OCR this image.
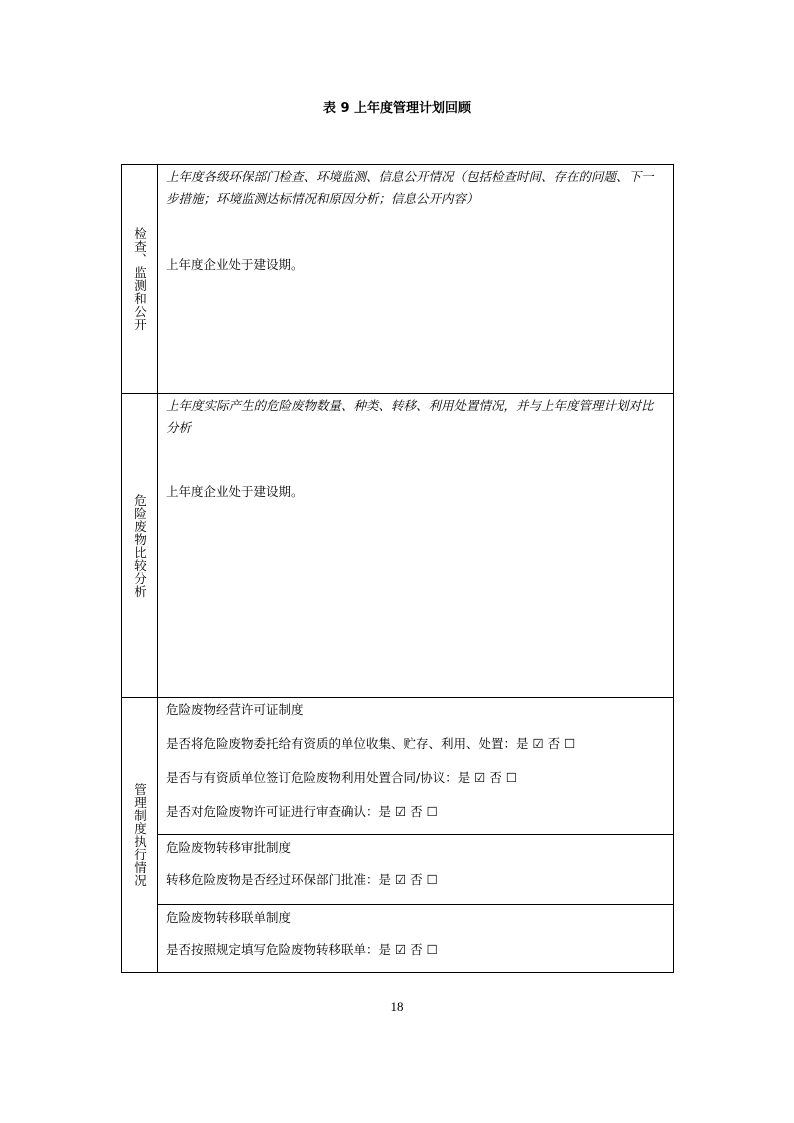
表 9 上年度管理计划回顾
检查、监测和公开
上年度各级环保部门检查、环境监测、信息公开情况（包括检查时间、存在的问题、下一步措施；环境监测达标情况和原因分析；信息公开内容）
上年度企业处于建设期。
危险废物比较分析
上年度实际产生的危险废物数量、种类、转移、利用处置情况，并与上年度管理计划对比分析
上年度企业处于建设期。
管理制度执行情况
危险废物经营许可证制度
是否将危险废物委托给有资质的单位收集、贮存、利用、处置：是 ☑ 否 ☐
是否与有资质单位签订危险废物利用处置合同/协议：是 ☑ 否 ☐
是否对危险废物许可证进行审查确认：是 ☑ 否 ☐
危险废物转移审批制度
转移危险废物是否经过环保部门批准：是 ☑ 否 ☐
危险废物转移联单制度
是否按照规定填写危险废物转移联单：是 ☑ 否 ☐
18
